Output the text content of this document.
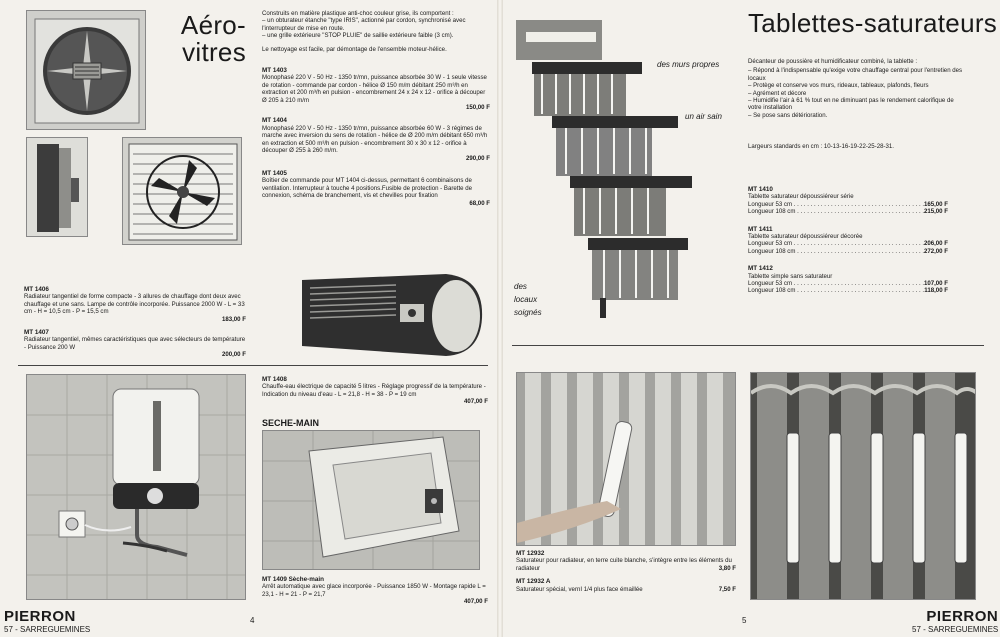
Aéro-
vitres
Construits en matière plastique anti-choc couleur grise, ils comportent :
– un obturateur étanche "type IRIS", actionné par cordon, synchronisé avec l'interrupteur de mise en route.
– une grille extérieure "STOP PLUIE" de saillie extérieure faible (3 cm).
Le nettoyage est facile, par démontage de l'ensemble moteur-hélice.
MT 1403
Monophasé 220 V - 50 Hz - 1350 tr/mn, puissance absorbée 30 W - 1 seule vitesse de rotation - commande par cordon - hélice Ø 150 m/m débitant 250 m³/h en extraction et 200 m³/h en pulsion - encombrement 24 x 24 x 12 - orifice à découper Ø 205 à 210 m/m
150,00 F
MT 1404
Monophasé 220 V - 50 Hz - 1350 tr/mn, puissance absorbée 60 W - 3 régimes de marche avec inversion du sens de rotation - hélice de Ø 200 m/m débitant 650 m³/h en extraction et 500 m³/h en pulsion - encombrement 30 x 30 x 12 - orifice à découper Ø 255 à 260 m/m.
290,00 F
MT 1405
Boîtier de commande pour MT 1404 ci-dessus, permettant 6 combinaisons de ventilation. Interrupteur à touche 4 positions.Fusible de protection - Barette de connexion, schéma de branchement, vis et chevilles pour fixation
68,00 F
MT 1406
Radiateur tangentiel de forme compacte - 3 allures de chauffage dont deux avec chauffage et une sans. Lampe de contrôle incorporée. Puissance 2000 W - L = 33 cm - H = 10,5 cm - P = 15,5 cm
183,00 F
MT 1407
Radiateur tangentiel, mêmes caractéristiques que avec sélecteurs de température - Puissance 200 W
200,00 F
MT 1408
Chauffe-eau électrique de capacité 5 litres - Réglage progressif de la température - Indication du niveau d'eau - L = 21,8 - H = 38 - P = 19 cm
407,00 F
SECHE-MAIN
MT 1409 Sèche-main
Arrêt automatique avec glace incorporée - Puissance 1850 W - Montage rapide L = 23,1 - H = 21 - P = 21,7
407,00 F
PIERRON
57 - SARREGUEMINES
4
des murs propres
un air sain
des
locaux
soignés
Tablettes-saturateurs
Décanteur de poussière et humidificateur combiné, la tablette :
– Répond à l'indispensable qu'exige votre chauffage central pour l'entretien des locaux
– Protège et conserve vos murs, rideaux, tableaux, plafonds, fleurs
– Agrément et décore
– Humidifie l'air à 61 % tout en ne diminuant pas le rendement calorifique de votre installation
– Se pose sans détérioration.
Largeurs standards en cm : 10-13-16-19-22-25-28-31.
MT 1410
Tablette saturateur dépoussiéreur série
Longueur 53 cm . . .	165,00 F
Longueur 108 cm . . .	215,00 F
MT 1411
Tablette saturateur dépoussiéreur décorée
Longueur 53 cm . . .	206,00 F
Longueur 108 cm . . .	272,00 F
MT 1412
Tablette simple sans saturateur
Longueur 53 cm . . .	107,00 F
Longueur 108 cm . . .	118,00 F
MT 12932
Saturateur pour radiateur, en terre cuite blanche, s'intègre entre les éléments du radiateur	3,80 F
MT 12932 A
Saturateur spécial, vernI 1/4 plus face émaillée	7,50 F
5	PIERRON
57 - SARREGUEMINES
